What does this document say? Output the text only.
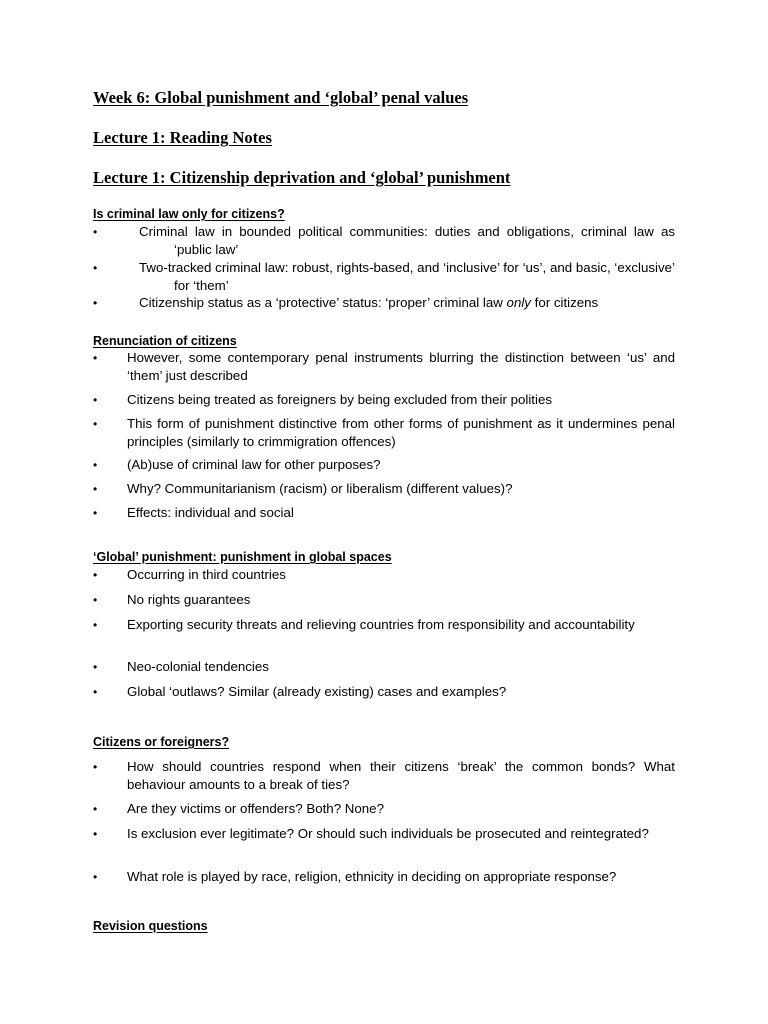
Week 6: Global punishment and ‘global’ penal values
Lecture 1: Reading Notes
Lecture 1: Citizenship deprivation and ‘global’ punishment
Is criminal law only for citizens?
•	Criminal law in bounded political communities: duties and obligations, criminal law as ‘public law’
•	Two-tracked criminal law: robust, rights-based, and ‘inclusive’ for ‘us’, and basic, ‘exclusive’ for ‘them’
•	Citizenship status as a ‘protective’ status: ‘proper’ criminal law only for citizens
Renunciation of citizens
• However, some contemporary penal instruments blurring the distinction between ‘us’ and ‘them’ just described
• Citizens being treated as foreigners by being excluded from their polities
• This form of punishment distinctive from other forms of punishment as it undermines penal principles (similarly to crimmigration offences)
• (Ab)use of criminal law for other purposes?
• Why? Communitarianism (racism) or liberalism (different values)?
• Effects: individual and social
‘Global’ punishment: punishment in global spaces
• Occurring in third countries
• No rights guarantees
• Exporting security threats and relieving countries from responsibility and accountability
• Neo-colonial tendencies
• Global ‘outlaws? Similar (already existing) cases and examples?
Citizens or foreigners?
• How should countries respond when their citizens ‘break’ the common bonds? What behaviour amounts to a break of ties?
• Are they victims or offenders? Both? None?
• Is exclusion ever legitimate? Or should such individuals be prosecuted and reintegrated?
• What role is played by race, religion, ethnicity in deciding on appropriate response?
Revision questions
